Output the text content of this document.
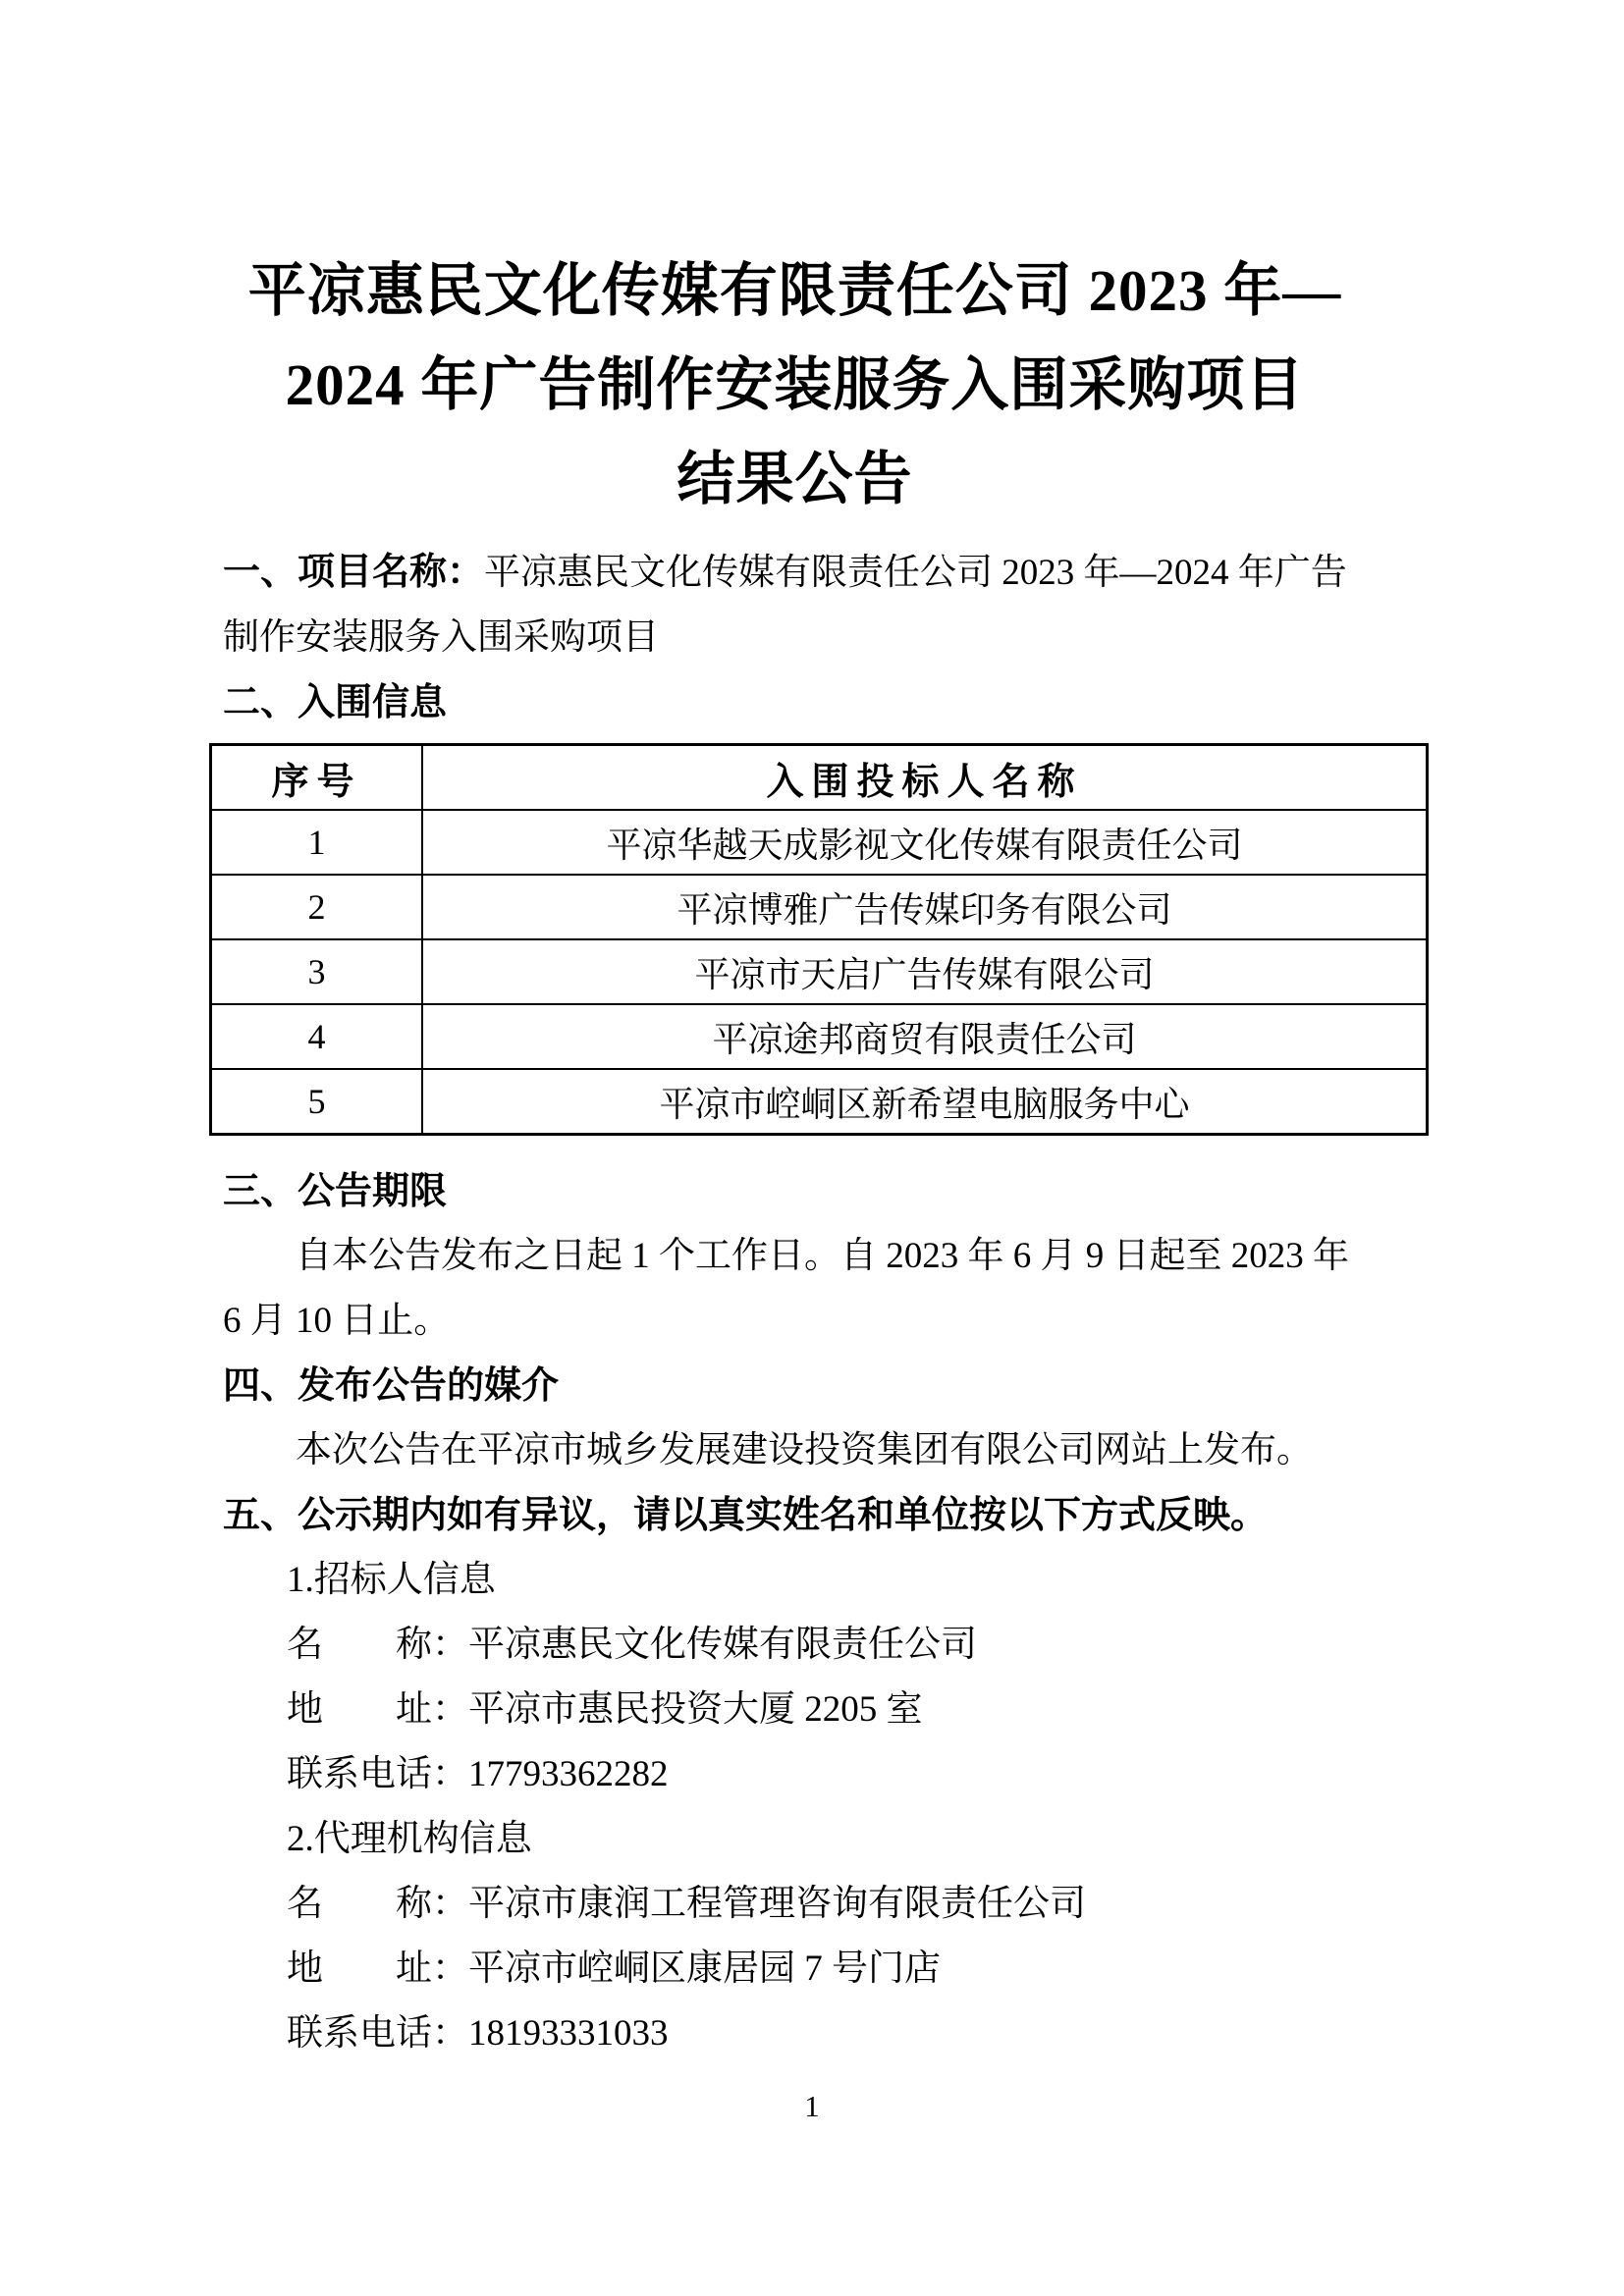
平凉惠民文化传媒有限责任公司 2023 年—
2024 年广告制作安装服务入围采购项目
结果公告

一、项目名称：平凉惠民文化传媒有限责任公司 2023 年—2024 年广告制作安装服务入围采购项目

二、入围信息
序号	入围投标人名称
1	平凉华越天成影视文化传媒有限责任公司
2	平凉博雅广告传媒印务有限公司
3	平凉市天启广告传媒有限公司
4	平凉途邦商贸有限责任公司
5	平凉市崆峒区新希望电脑服务中心
三、公告期限

自本公告发布之日起 1 个工作日。自 2023 年 6 月 9 日起至 2023 年 6 月 10 日止。

四、发布公告的媒介

本次公告在平凉市城乡发展建设投资集团有限公司网站上发布。

五、公示期内如有异议，请以真实姓名和单位按以下方式反映。

1.招标人信息

名　　称：平凉惠民文化传媒有限责任公司

地　　址：平凉市惠民投资大厦 2205 室

联系电话：17793362282

2.代理机构信息

名　　称：平凉市康润工程管理咨询有限责任公司

地　　址：平凉市崆峒区康居园 7 号门店

联系电话：18193331033

1
